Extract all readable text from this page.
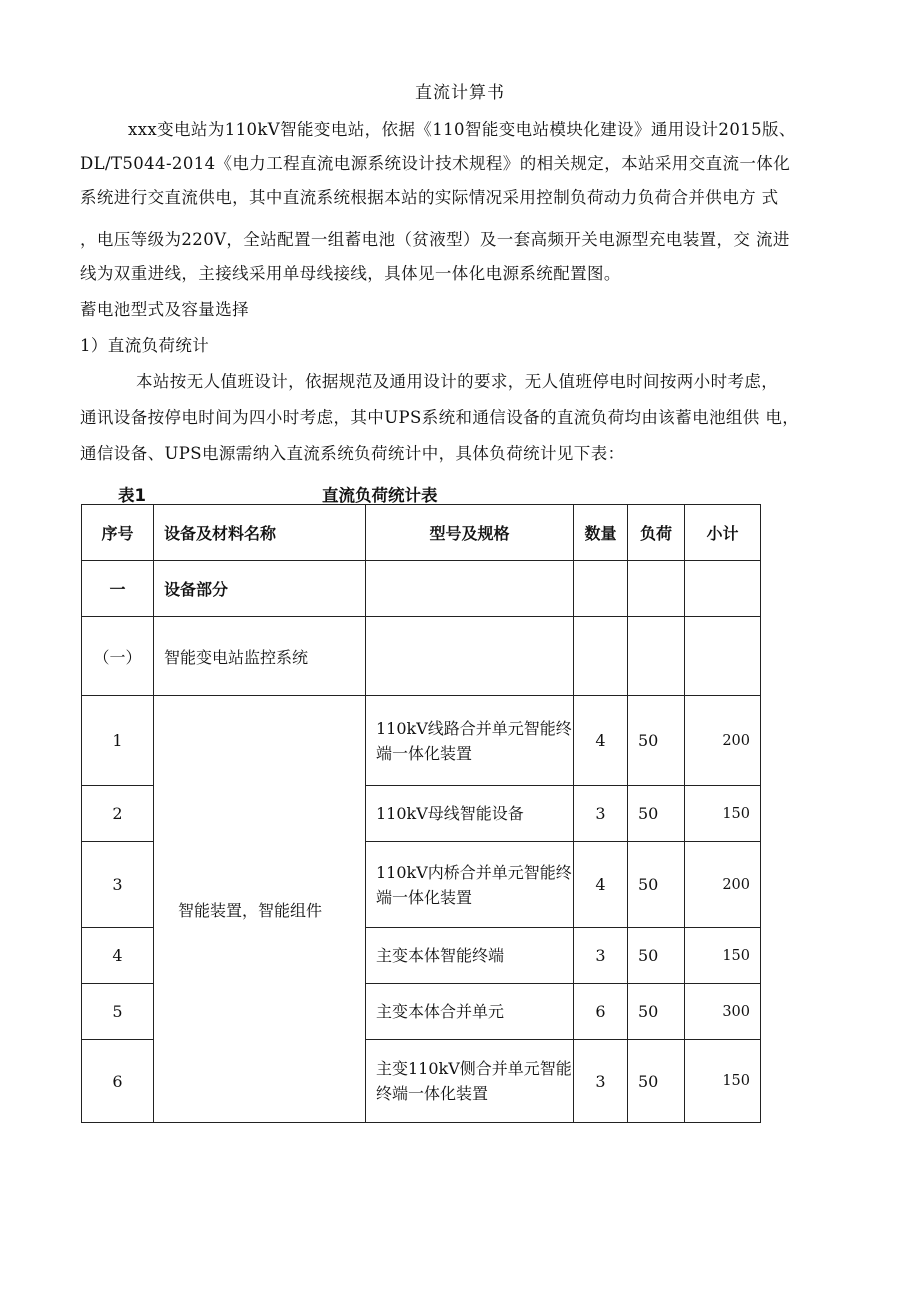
直流计算书
xxx变电站为110kV智能变电站，依据《110智能变电站模块化建设》通用设计2015版、
DL/T5044-2014《电力工程直流电源系统设计技术规程》的相关规定，本站采用交直流一体化
系统进行交直流供电，其中直流系统根据本站的实际情况采用控制负荷动力负荷合并供电方 式
，电压等级为220V，全站配置一组蓄电池（贫液型）及一套高频开关电源型充电装置，交 流进
线为双重进线，主接线采用单母线接线，具体见一体化电源系统配置图。
蓄电池型式及容量选择
1）直流负荷统计
本站按无人值班设计，依据规范及通用设计的要求，无人值班停电时间按两小时考虑，
通讯设备按停电时间为四小时考虑，其中UPS系统和通信设备的直流负荷均由该蓄电池组供 电，
通信设备、UPS电源需纳入直流系统负荷统计中，具体负荷统计见下表：
表1	直流负荷统计表
序号	设备及材料名称	型号及规格	数量	负荷	小计
一	设备部分				
（一）	智能变电站监控系统				
1	智能装置，智能组件	110kV线路合并单元智能终端一体化装置	4	50	200
2		110kV母线智能设备	3	50	150
3		110kV内桥合并单元智能终端一体化装置	4	50	200
4		主变本体智能终端	3	50	150
5		主变本体合并单元	6	50	300
6		主变110kV侧合并单元智能终端一体化装置	3	50	150
